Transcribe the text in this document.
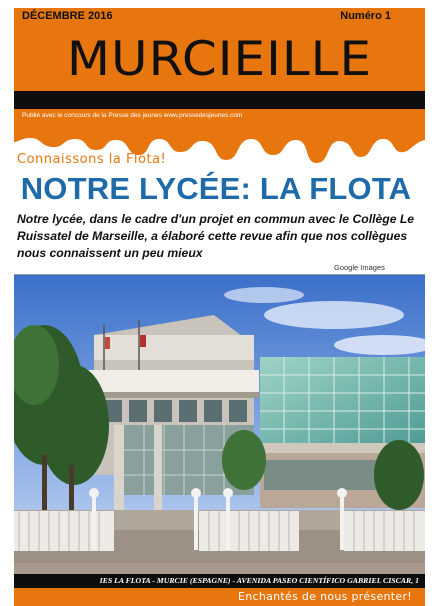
DÉCEMBRE 2016	Numéro 1
MURCIEILLE
Publié avec le concours de la Presse des jeunes www.pressedesjeunes.com
Connaissons la Flota!
NOTRE LYCÉE: LA FLOTA
Notre lycée, dans le cadre d'un projet en commun avec le Collège Le Ruissatel de Marseille, a élaboré cette revue afin que nos collègues nous connaissent un peu mieux
Google Images
IES LA FLOTA - MURCIE (ESPAGNE) - AVENIDA PASEO CIENTÍFICO GABRIEL CISCAR, 1
Enchantés de nous présenter!
